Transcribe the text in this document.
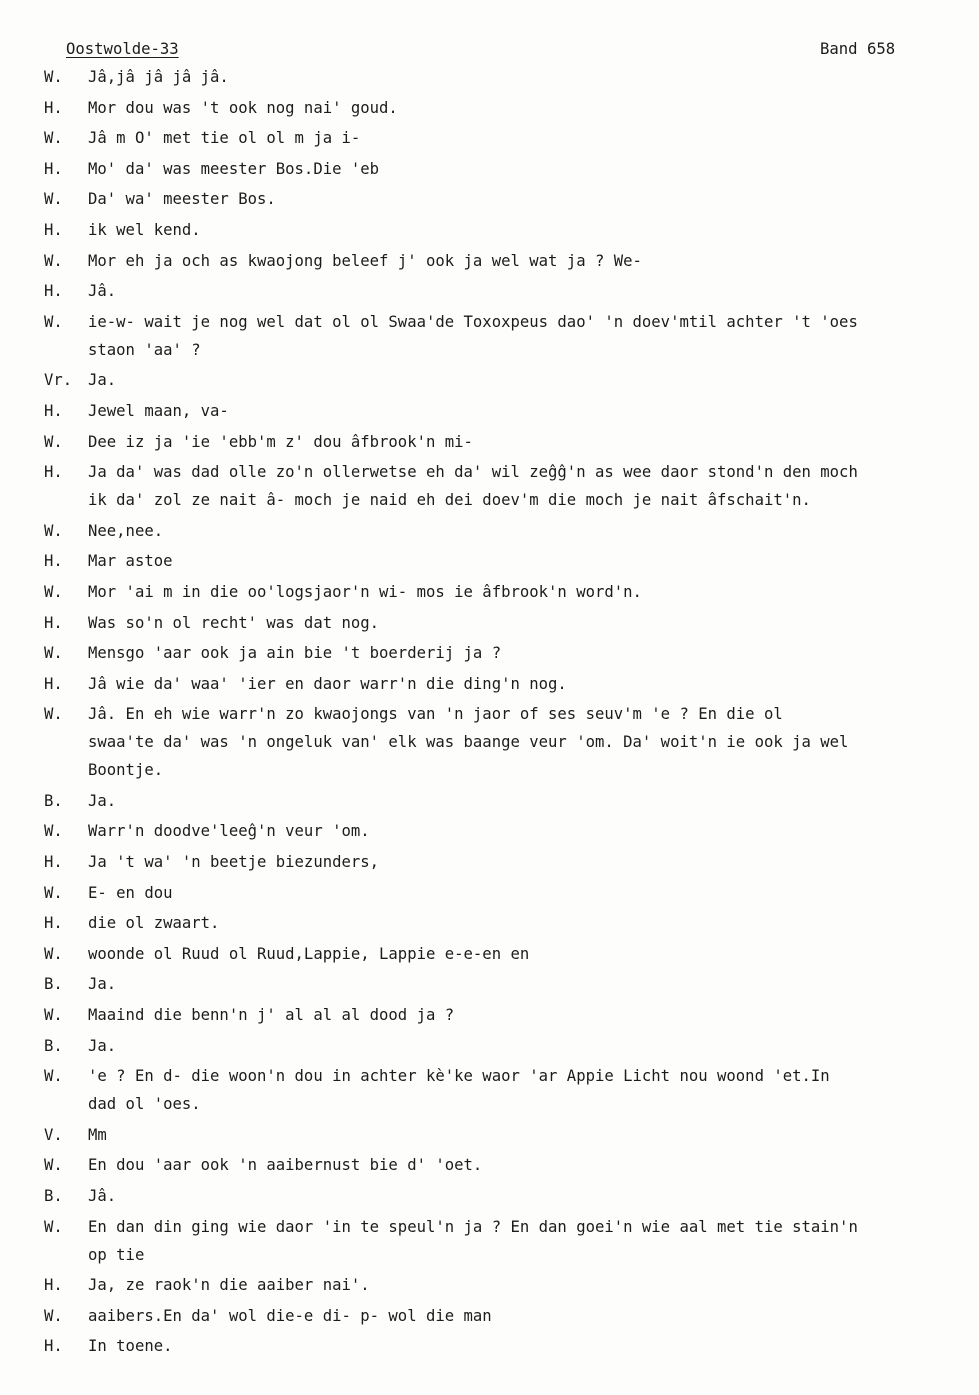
Oostwolde-33	Band 658
W.	Jâ,jâ jâ jâ jâ.
H.	Mor dou was 't ook nog nai' goud.
W.	Jâ m O' met tie ol ol m ja i-
H.	Mo' da' was meester Bos.Die 'eb
W.	Da' wa' meester Bos.
H.	ik wel kend.
W.	Mor eh ja och as kwaojong beleef j' ook ja wel wat ja ? We-
H.	Jâ.
W.	ie-w- wait je nog wel dat ol ol Swaa'de Toxoxpeus dao' 'n doev'mtil achter 't 'oes
staon 'aa' ?
Vr.	Ja.
H.	Jewel maan, va-
W.	Dee iz ja 'ie 'ebb'm z' dou âfbrook'n mi-
H.	Ja da' was dad olle zo'n ollerwetse eh da' wil zeĝĝ'n as wee daor stond'n den moch
ik da' zol ze nait â- moch je naid eh dei doev'm die moch je nait âfschait'n.
W.	Nee,nee.
H.	Mar astoe
W.	Mor 'ai m in die oo'logsjaor'n wi- mos ie âfbrook'n word'n.
H.	Was so'n ol recht' was dat nog.
W.	Mensgo 'aar ook ja ain bie 't boerderij ja ?
H.	Jâ wie da' waa' 'ier en daor warr'n die ding'n nog.
W.	Jâ. En eh wie warr'n zo kwaojongs van 'n jaor of ses seuv'm 'e ? En die ol
swaa'te da' was 'n ongeluk van' elk was baange veur 'om. Da' woit'n ie ook ja wel
Boontje.
B.	Ja.
W.	Warr'n doodve'leeĝ'n veur 'om.
H.	Ja 't wa' 'n beetje biezunders,
W.	E- en dou
H.	die ol zwaart.
W.	woonde ol Ruud ol Ruud,Lappie, Lappie e-e-en en
B.	Ja.
W.	Maaind die benn'n j' al al al dood ja ?
B.	Ja.
W.	'e ? En d- die woon'n dou in achter kè'ke waor 'ar Appie Licht nou woond 'et.In
dad ol 'oes.
V.	Mm
W.	En dou 'aar ook 'n aaibernust bie d' 'oet.
B.	Jâ.
W.	En dan din ging wie daor 'in te speul'n ja ? En dan goei'n wie aal met tie stain'n
op tie
H.	Ja, ze raok'n die aaiber nai'.
W.	aaibers.En da' wol die-e di- p- wol die man
H.	In toene.
